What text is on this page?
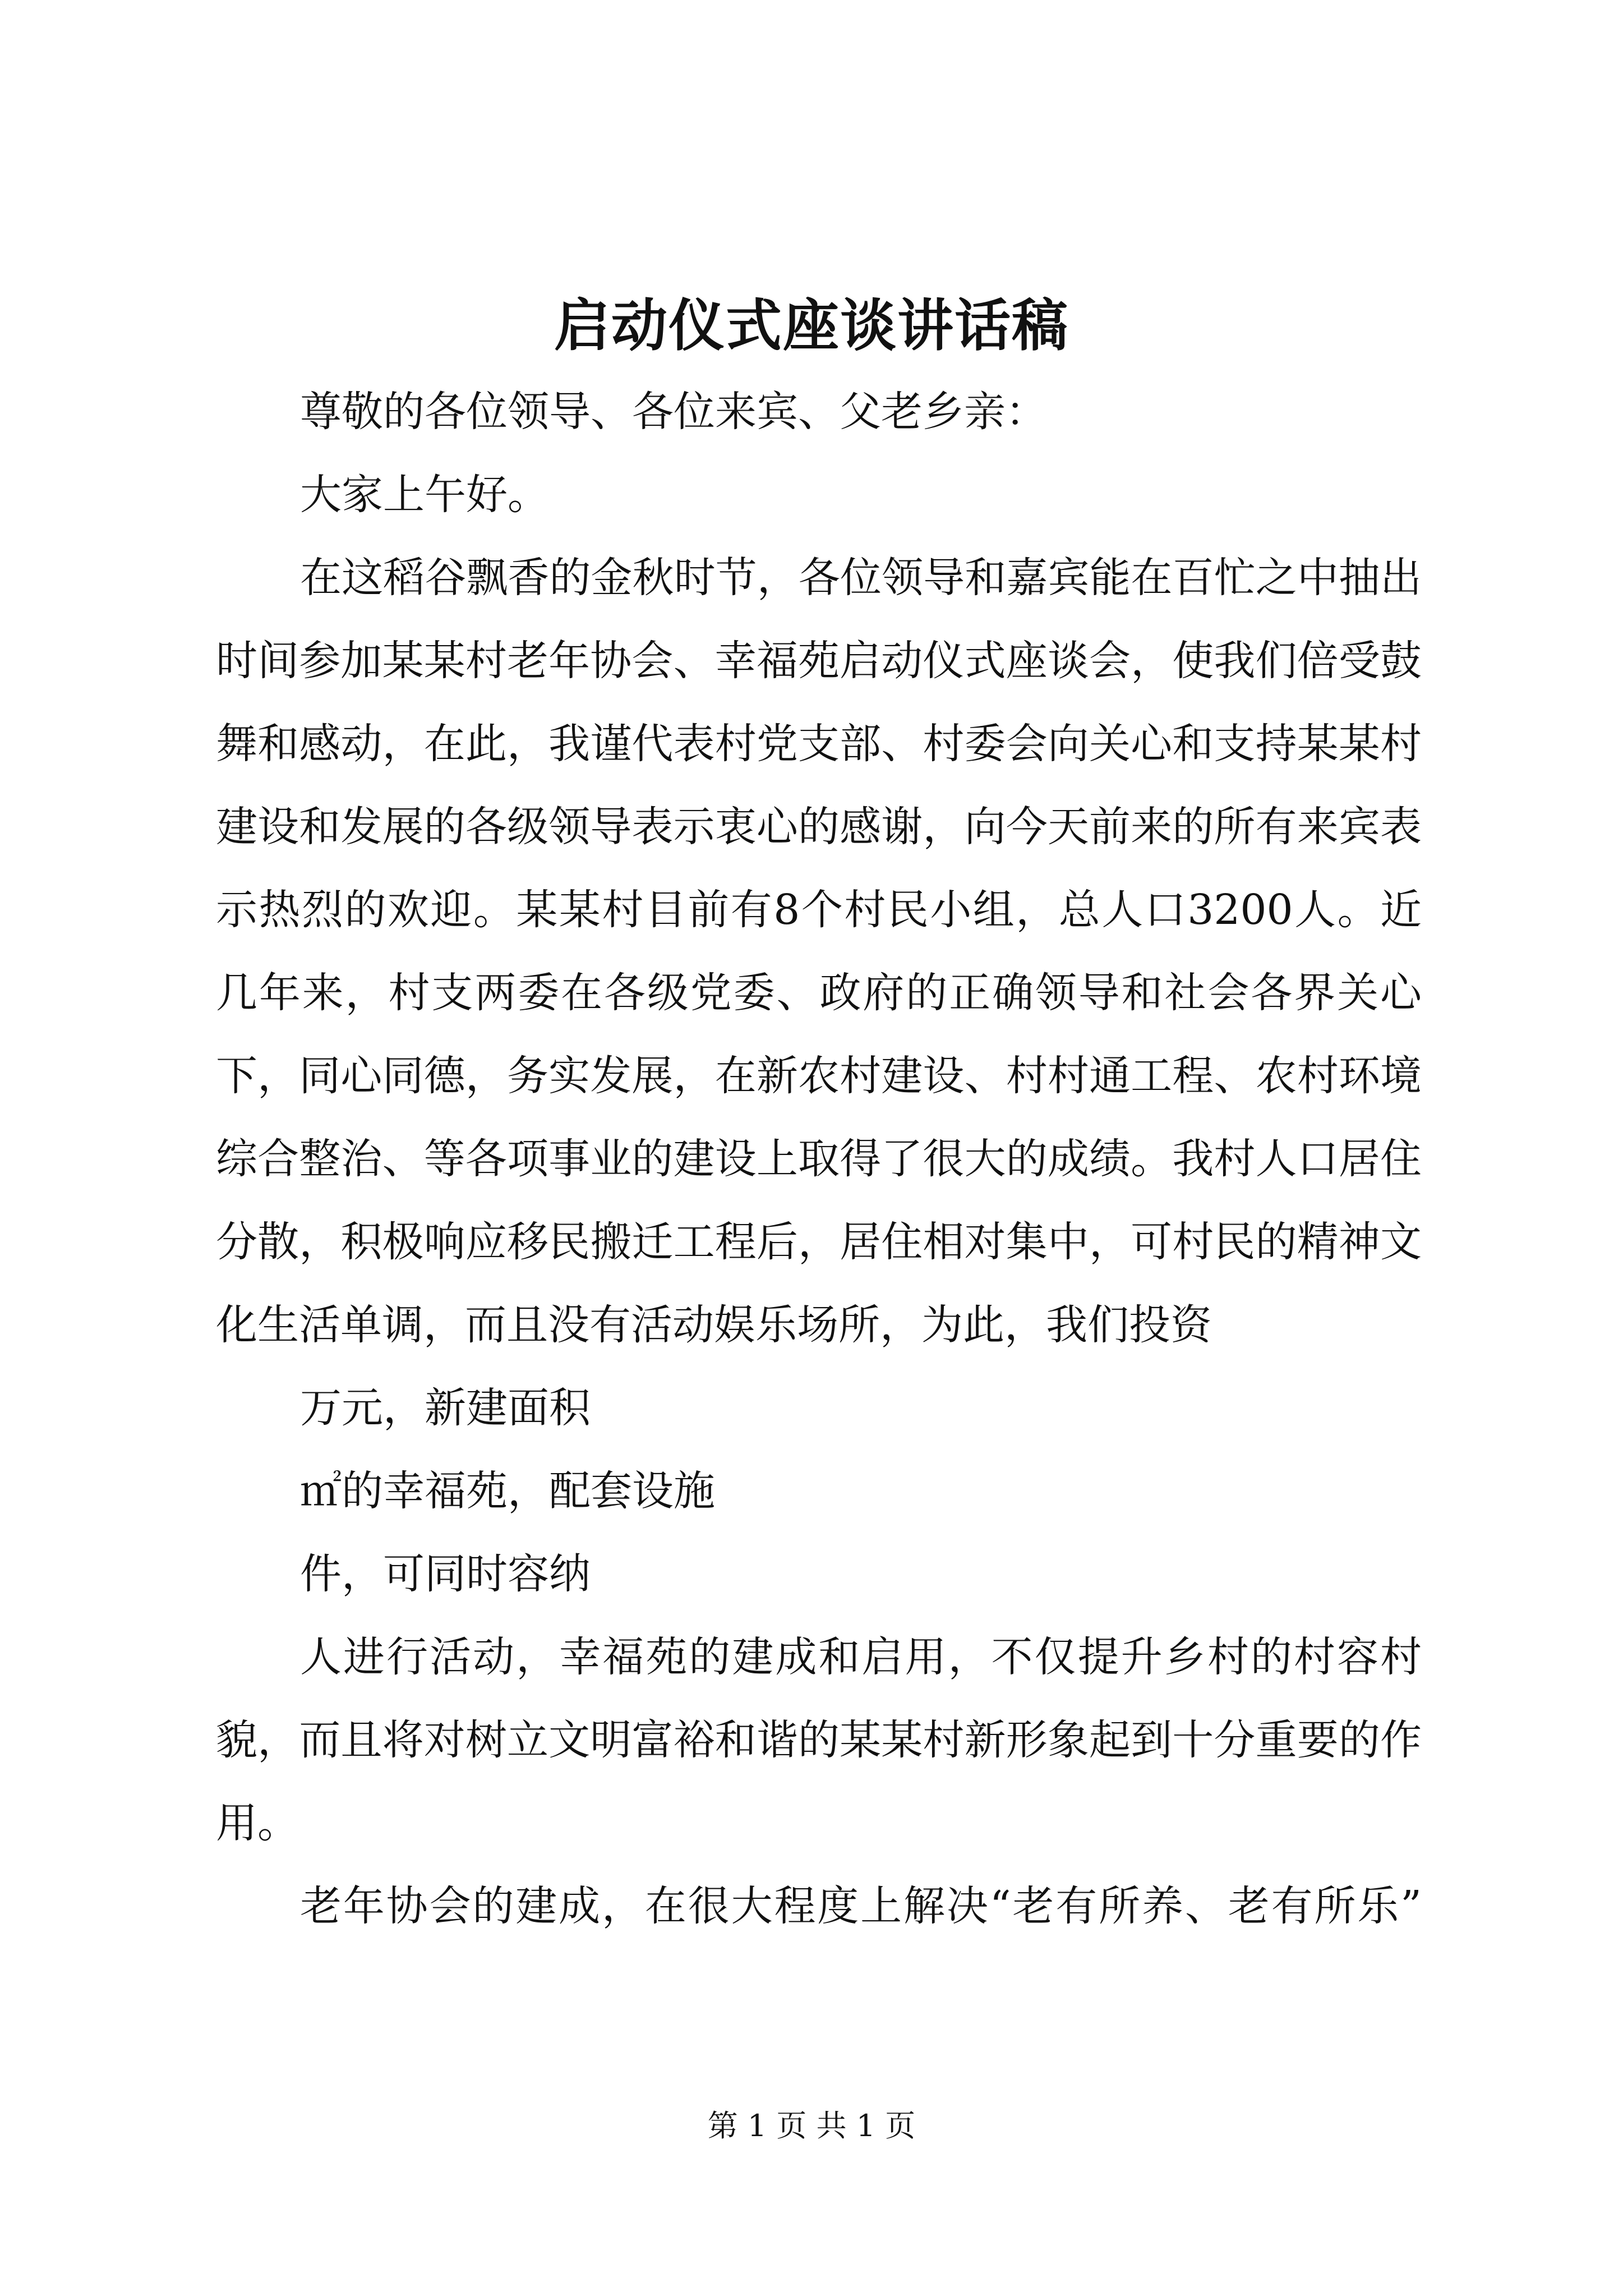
启动仪式座谈讲话稿

尊敬的各位领导、各位来宾、父老乡亲：

大家上午好。

在这稻谷飘香的金秋时节，各位领导和嘉宾能在百忙之中抽出时间参加某某村老年协会、幸福苑启动仪式座谈会，使我们倍受鼓舞和感动，在此，我谨代表村党支部、村委会向关心和支持某某村建设和发展的各级领导表示衷心的感谢，向今天前来的所有来宾表示热烈的欢迎。某某村目前有8个村民小组，总人口3200人。近几年来，村支两委在各级党委、政府的正确领导和社会各界关心下，同心同德，务实发展，在新农村建设、村村通工程、农村环境综合整治、等各项事业的建设上取得了很大的成绩。我村人口居住分散，积极响应移民搬迁工程后，居住相对集中，可村民的精神文化生活单调，而且没有活动娱乐场所，为此，我们投资

万元，新建面积

㎡的幸福苑，配套设施

件，可同时容纳

人进行活动，幸福苑的建成和启用，不仅提升乡村的村容村貌，而且将对树立文明富裕和谐的某某村新形象起到十分重要的作用。

老年协会的建成，在很大程度上解决“老有所养、老有所乐”

第 1 页 共 1 页
